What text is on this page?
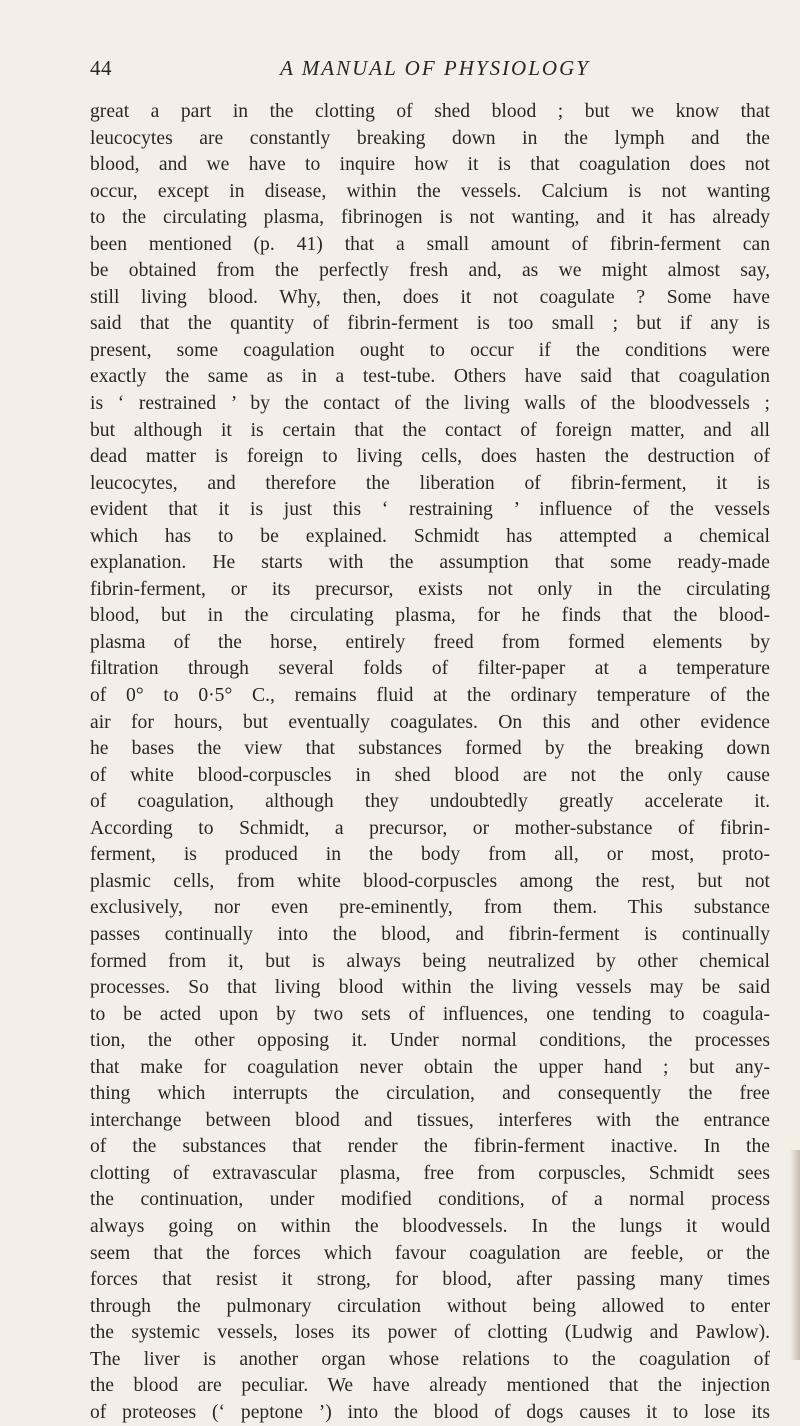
44	A MANUAL OF PHYSIOLOGY
great a part in the clotting of shed blood ; but we know that
leucocytes are constantly breaking down in the lymph and the
blood, and we have to inquire how it is that coagulation does not
occur, except in disease, within the vessels. Calcium is not wanting
to the circulating plasma, fibrinogen is not wanting, and it has already
been mentioned (p. 41) that a small amount of fibrin-ferment can
be obtained from the perfectly fresh and, as we might almost say,
still living blood. Why, then, does it not coagulate ? Some have
said that the quantity of fibrin-ferment is too small ; but if any is
present, some coagulation ought to occur if the conditions were
exactly the same as in a test-tube. Others have said that coagulation
is ‘ restrained ’ by the contact of the living walls of the bloodvessels ;
but although it is certain that the contact of foreign matter, and all
dead matter is foreign to living cells, does hasten the destruction of
leucocytes, and therefore the liberation of fibrin-ferment, it is
evident that it is just this ‘ restraining ’ influence of the vessels
which has to be explained. Schmidt has attempted a chemical
explanation. He starts with the assumption that some ready-made
fibrin-ferment, or its precursor, exists not only in the circulating
blood, but in the circulating plasma, for he finds that the blood-
plasma of the horse, entirely freed from formed elements by
filtration through several folds of filter-paper at a temperature
of 0° to 0·5° C., remains fluid at the ordinary temperature of the
air for hours, but eventually coagulates. On this and other evidence
he bases the view that substances formed by the breaking down
of white blood-corpuscles in shed blood are not the only cause
of coagulation, although they undoubtedly greatly accelerate it.
According to Schmidt, a precursor, or mother-substance of fibrin-
ferment, is produced in the body from all, or most, proto-
plasmic cells, from white blood-corpuscles among the rest, but not
exclusively, nor even pre-eminently, from them. This substance
passes continually into the blood, and fibrin-ferment is continually
formed from it, but is always being neutralized by other chemical
processes. So that living blood within the living vessels may be said
to be acted upon by two sets of influences, one tending to coagula-
tion, the other opposing it. Under normal conditions, the processes
that make for coagulation never obtain the upper hand ; but any-
thing which interrupts the circulation, and consequently the free
interchange between blood and tissues, interferes with the entrance
of the substances that render the fibrin-ferment inactive. In the
clotting of extravascular plasma, free from corpuscles, Schmidt sees
the continuation, under modified conditions, of a normal process
always going on within the bloodvessels. In the lungs it would
seem that the forces which favour coagulation are feeble, or the
forces that resist it strong, for blood, after passing many times
through the pulmonary circulation without being allowed to enter
the systemic vessels, loses its power of clotting (Ludwig and Pawlow).
The liver is another organ whose relations to the coagulation of
the blood are peculiar. We have already mentioned that the injection
of proteoses (‘ peptone ’) into the blood of dogs causes it to lose its
